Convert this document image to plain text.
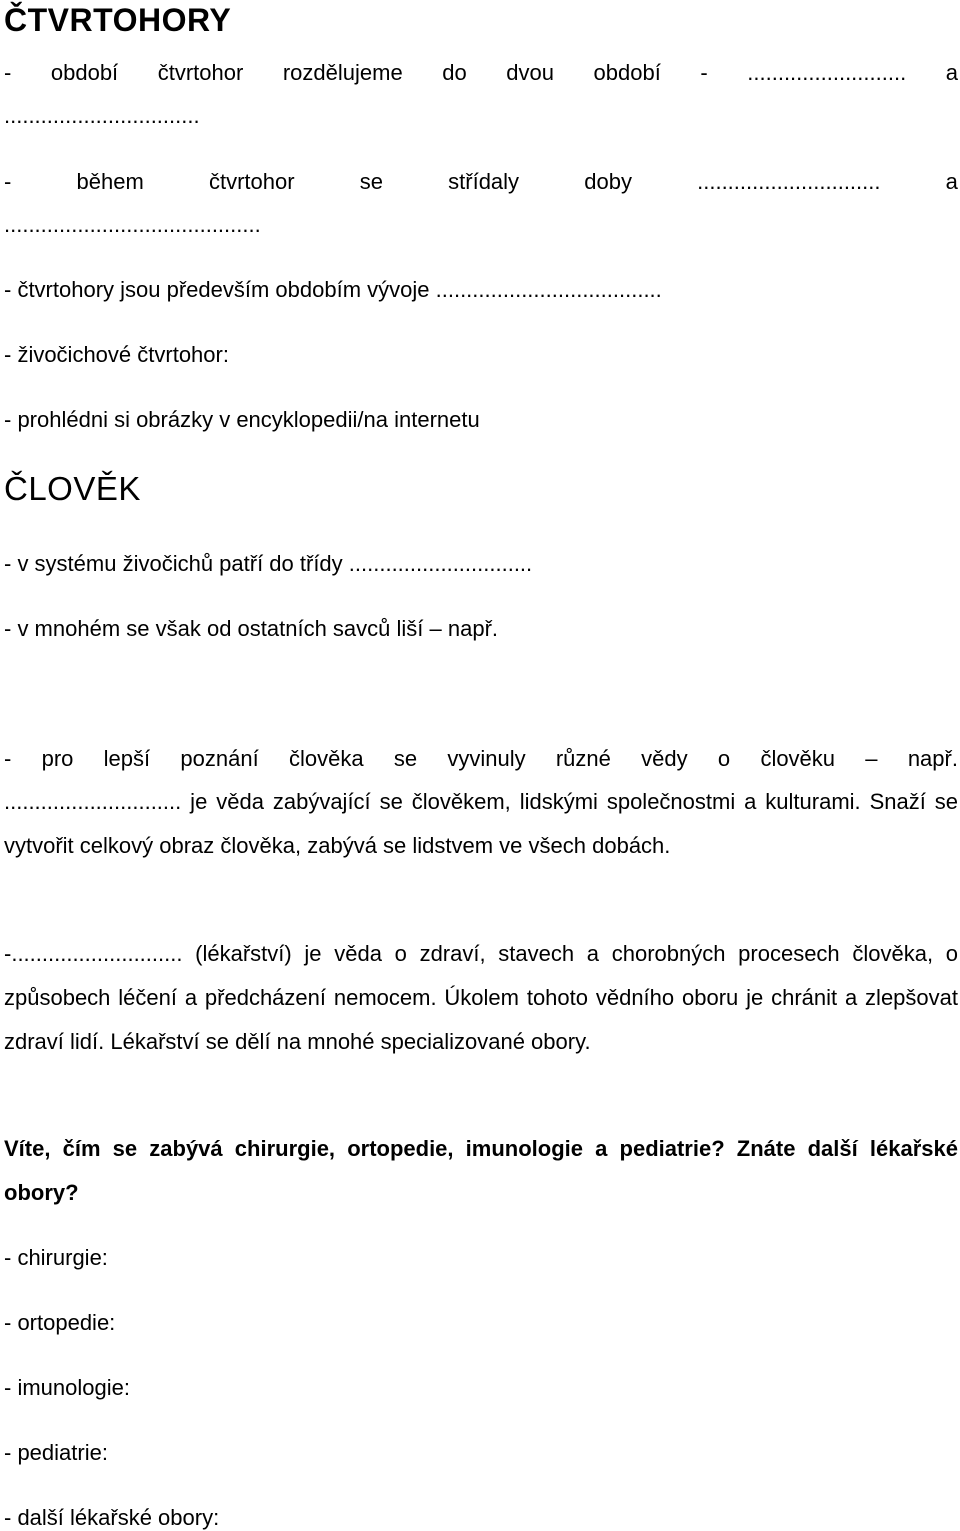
ČTVRTOHORY
- období čtvrtohor rozdělujeme do dvou období - .......................... a
................................
-	během	čtvrtohor	se	střídaly	doby	..............................	a
..........................................
- čtvrtohory jsou především obdobím vývoje .....................................
- živočichové čtvrtohor:
- prohlédni si obrázky v encyklopedii/na internetu
ČLOVĚK
- v systému živočichů patří do třídy ..............................
- v mnohém se však od ostatních savců liší – např.
- pro lepší poznání člověka se vyvinuly různé vědy o člověku – např.

............................. je věda zabývající se člověkem, lidskými společnostmi a kulturami. Snaží se vytvořit celkový obraz člověka, zabývá se lidstvem ve všech dobách.

-............................ (lékařství) je věda o zdraví, stavech a chorobných procesech člověka, o způsobech léčení a předcházení nemocem. Úkolem tohoto vědního oboru je chránit a zlepšovat zdraví lidí. Lékařství se dělí na mnohé specializované obory.

Víte, čím se zabývá chirurgie, ortopedie, imunologie a pediatrie? Znáte další lékařské obory?

- chirurgie:
- ortopedie:
- imunologie:
- pediatrie:
- další lékařské obory:
